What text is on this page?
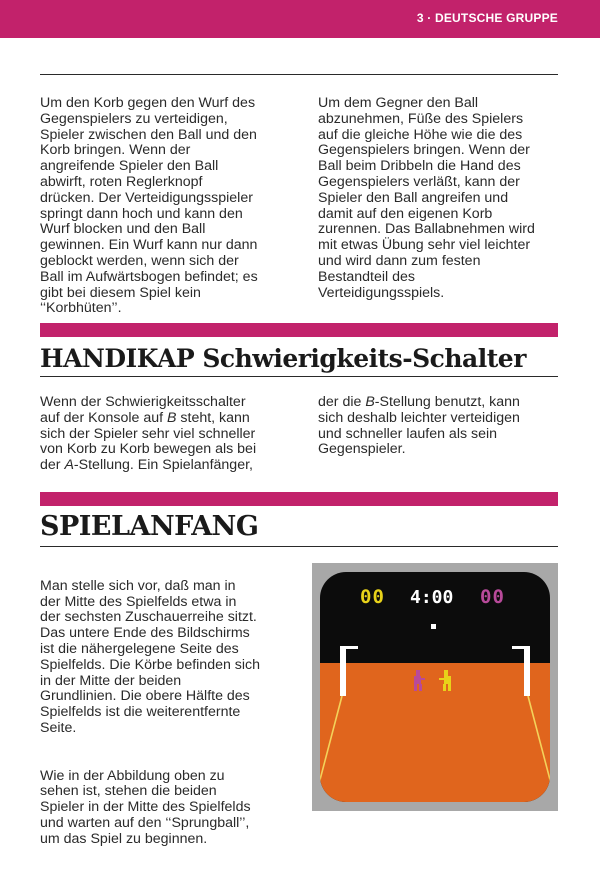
3 · DEUTSCHE GRUPPE

Um den Korb gegen den Wurf des
Gegenspielers zu verteidigen,
Spieler zwischen den Ball und den
Korb bringen. Wenn der
angreifende Spieler den Ball
abwirft, roten Reglerknopf
drücken. Der Verteidigungsspieler
springt dann hoch und kann den
Wurf blocken und den Ball
gewinnen. Ein Wurf kann nur dann
geblockt werden, wenn sich der
Ball im Aufwärtsbogen befindet; es
gibt bei diesem Spiel kein
‘‘Korbhüten’’.

Um dem Gegner den Ball
abzunehmen, Füße des Spielers
auf die gleiche Höhe wie die des
Gegenspielers bringen. Wenn der
Ball beim Dribbeln die Hand des
Gegenspielers verläßt, kann der
Spieler den Ball angreifen und
damit auf den eigenen Korb
zurennen. Das Ballabnehmen wird
mit etwas Übung sehr viel leichter
und wird dann zum festen
Bestandteil des
Verteidigungsspiels.

HANDIKAP Schwierigkeits-Schalter

Wenn der Schwierigkeitsschalter
auf der Konsole auf B steht, kann
sich der Spieler sehr viel schneller
von Korb zu Korb bewegen als bei
der A-Stellung. Ein Spielanfänger,

der die B-Stellung benutzt, kann
sich deshalb leichter verteidigen
und schneller laufen als sein
Gegenspieler.

SPIELANFANG

Man stelle sich vor, daß man in
der Mitte des Spielfelds etwa in
der sechsten Zuschauerreihe sitzt.
Das untere Ende des Bildschirms
ist die nähergelegene Seite des
Spielfelds. Die Körbe befinden sich
in der Mitte der beiden
Grundlinien. Die obere Hälfte des
Spielfelds ist die weiterentfernte
Seite.

Wie in der Abbildung oben zu
sehen ist, stehen die beiden
Spieler in der Mitte des Spielfelds
und warten auf den ‘‘Sprungball’’,
um das Spiel zu beginnen.

00 4:00 00
